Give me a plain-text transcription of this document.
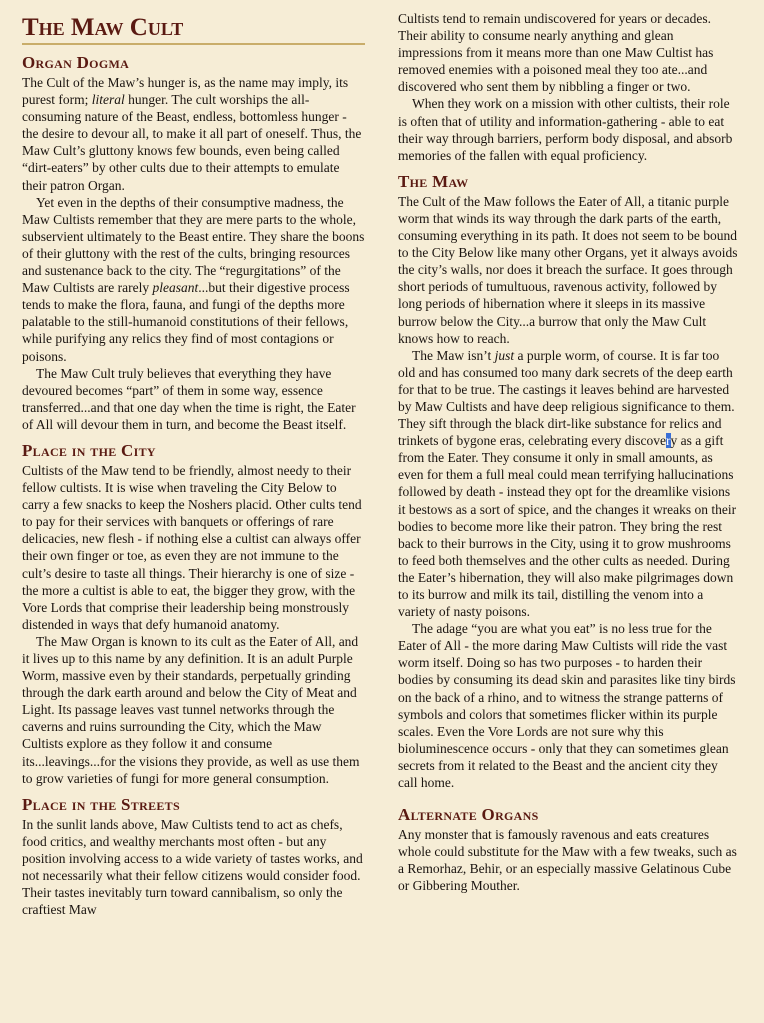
The Maw Cult
Organ Dogma

The Cult of the Maw’s hunger is, as the name may imply, its purest form; literal hunger. The cult worships the all-consuming nature of the Beast, endless, bottomless hunger - the desire to devour all, to make it all part of oneself. Thus, the Maw Cult’s gluttony knows few bounds, even being called “dirt-eaters” by other cults due to their attempts to emulate their patron Organ.

Yet even in the depths of their consumptive madness, the Maw Cultists remember that they are mere parts to the whole, subservient ultimately to the Beast entire. They share the boons of their gluttony with the rest of the cults, bringing resources and sustenance back to the city. The “regurgitations” of the Maw Cultists are rarely pleasant...but their digestive process tends to make the flora, fauna, and fungi of the depths more palatable to the still-humanoid constitutions of their fellows, while purifying any relics they find of most contagions or poisons.

The Maw Cult truly believes that everything they have devoured becomes “part” of them in some way, essence transferred...and that one day when the time is right, the Eater of All will devour them in turn, and become the Beast itself.

Place in the City

Cultists of the Maw tend to be friendly, almost needy to their fellow cultists. It is wise when traveling the City Below to carry a few snacks to keep the Noshers placid. Other cults tend to pay for their services with banquets or offerings of rare delicacies, new flesh - if nothing else a cultist can always offer their own finger or toe, as even they are not immune to the cult’s desire to taste all things. Their hierarchy is one of size - the more a cultist is able to eat, the bigger they grow, with the Vore Lords that comprise their leadership being monstrously distended in ways that defy humanoid anatomy.

The Maw Organ is known to its cult as the Eater of All, and it lives up to this name by any definition. It is an adult Purple Worm, massive even by their standards, perpetually grinding through the dark earth around and below the City of Meat and Light. Its passage leaves vast tunnel networks through the caverns and ruins surrounding the City, which the Maw Cultists explore as they follow it and consume its...leavings...for the visions they provide, as well as use them to grow varieties of fungi for more general consumption.

Place in the Streets

In the sunlit lands above, Maw Cultists tend to act as chefs, food critics, and wealthy merchants most often - but any position involving access to a wide variety of tastes works, and not necessarily what their fellow citizens would consider food. Their tastes inevitably turn toward cannibalism, so only the craftiest Maw

Cultists tend to remain undiscovered for years or decades. Their ability to consume nearly anything and glean impressions from it means more than one Maw Cultist has removed enemies with a poisoned meal they too ate...and discovered who sent them by nibbling a finger or two.

When they work on a mission with other cultists, their role is often that of utility and information-gathering - able to eat their way through barriers, perform body disposal, and absorb memories of the fallen with equal proficiency.

The Maw

The Cult of the Maw follows the Eater of All, a titanic purple worm that winds its way through the dark parts of the earth, consuming everything in its path. It does not seem to be bound to the City Below like many other Organs, yet it always avoids the city’s walls, nor does it breach the surface. It goes through short periods of tumultuous, ravenous activity, followed by long periods of hibernation where it sleeps in its massive burrow below the City...a burrow that only the Maw Cult knows how to reach.

The Maw isn’t just a purple worm, of course. It is far too old and has consumed too many dark secrets of the deep earth for that to be true. The castings it leaves behind are harvested by Maw Cultists and have deep religious significance to them. They sift through the black dirt-like substance for relics and trinkets of bygone eras, celebrating every discovery as a gift from the Eater. They consume it only in small amounts, as even for them a full meal could mean terrifying hallucinations followed by death - instead they opt for the dreamlike visions it bestows as a sort of spice, and the changes it wreaks on their bodies to become more like their patron. They bring the rest back to their burrows in the City, using it to grow mushrooms to feed both themselves and the other cults as needed. During the Eater’s hibernation, they will also make pilgrimages down to its burrow and milk its tail, distilling the venom into a variety of nasty poisons.

The adage “you are what you eat” is no less true for the Eater of All - the more daring Maw Cultists will ride the vast worm itself. Doing so has two purposes - to harden their bodies by consuming its dead skin and parasites like tiny birds on the back of a rhino, and to witness the strange patterns of symbols and colors that sometimes flicker within its purple scales. Even the Vore Lords are not sure why this bioluminescence occurs - only that they can sometimes glean secrets from it related to the Beast and the ancient city they call home.

Alternate Organs

Any monster that is famously ravenous and eats creatures whole could substitute for the Maw with a few tweaks, such as a Remorhaz, Behir, or an especially massive Gelatinous Cube or Gibbering Mouther.
